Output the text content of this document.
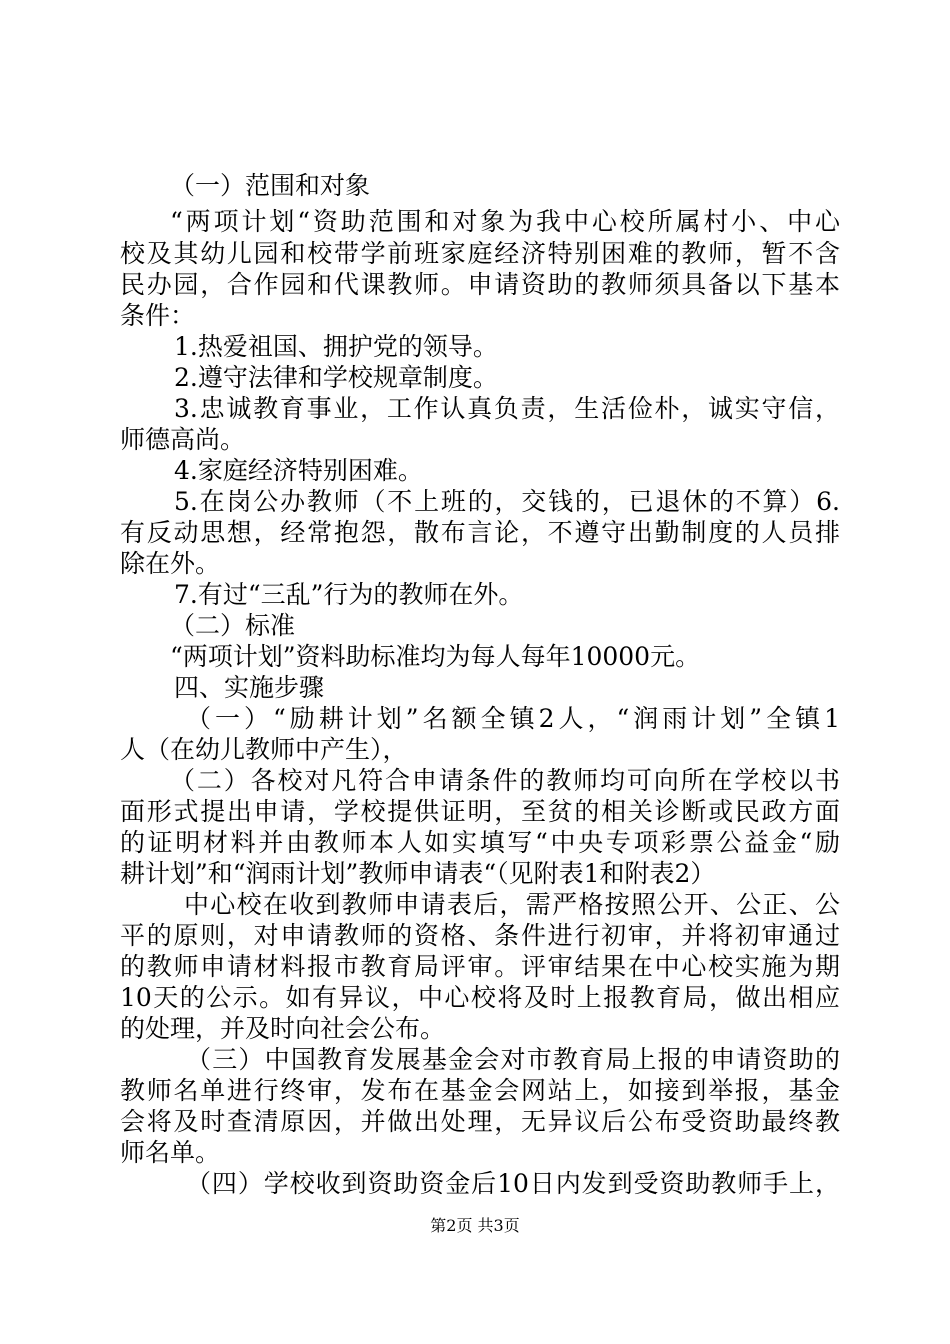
（一）范围和对象
“两项计划“资助范围和对象为我中心校所属村小、中心
校及其幼儿园和校带学前班家庭经济特别困难的教师，暂不含
民办园，合作园和代课教师。申请资助的教师须具备以下基本
条件：
1.热爱祖国、拥护党的领导。
2.遵守法律和学校规章制度。
3.忠诚教育事业，工作认真负责，生活俭朴，诚实守信，
师德高尚。
4.家庭经济特别困难。
5.在岗公办教师（不上班的，交钱的，已退休的不算）6.
有反动思想，经常抱怨，散布言论，不遵守出勤制度的人员排
除在外。
7.有过“三乱”行为的教师在外。
（二）标准
“两项计划”资料助标准均为每人每年10000元。
四、实施步骤
（一）“励耕计划”名额全镇2人，“润雨计划”全镇1
人（在幼儿教师中产生），
（二）各校对凡符合申请条件的教师均可向所在学校以书
面形式提出申请，学校提供证明，至贫的相关诊断或民政方面
的证明材料并由教师本人如实填写“中央专项彩票公益金“励
耕计划”和“润雨计划”教师申请表“（见附表1和附表2）
中心校在收到教师申请表后，需严格按照公开、公正、公
平的原则，对申请教师的资格、条件进行初审，并将初审通过
的教师申请材料报市教育局评审。评审结果在中心校实施为期
10天的公示。如有异议，中心校将及时上报教育局，做出相应
的处理，并及时向社会公布。
（三）中国教育发展基金会对市教育局上报的申请资助的
教师名单进行终审，发布在基金会网站上，如接到举报，基金
会将及时查清原因，并做出处理，无异议后公布受资助最终教
师名单。
（四）学校收到资助资金后10日内发到受资助教师手上，
第2页 共3页
